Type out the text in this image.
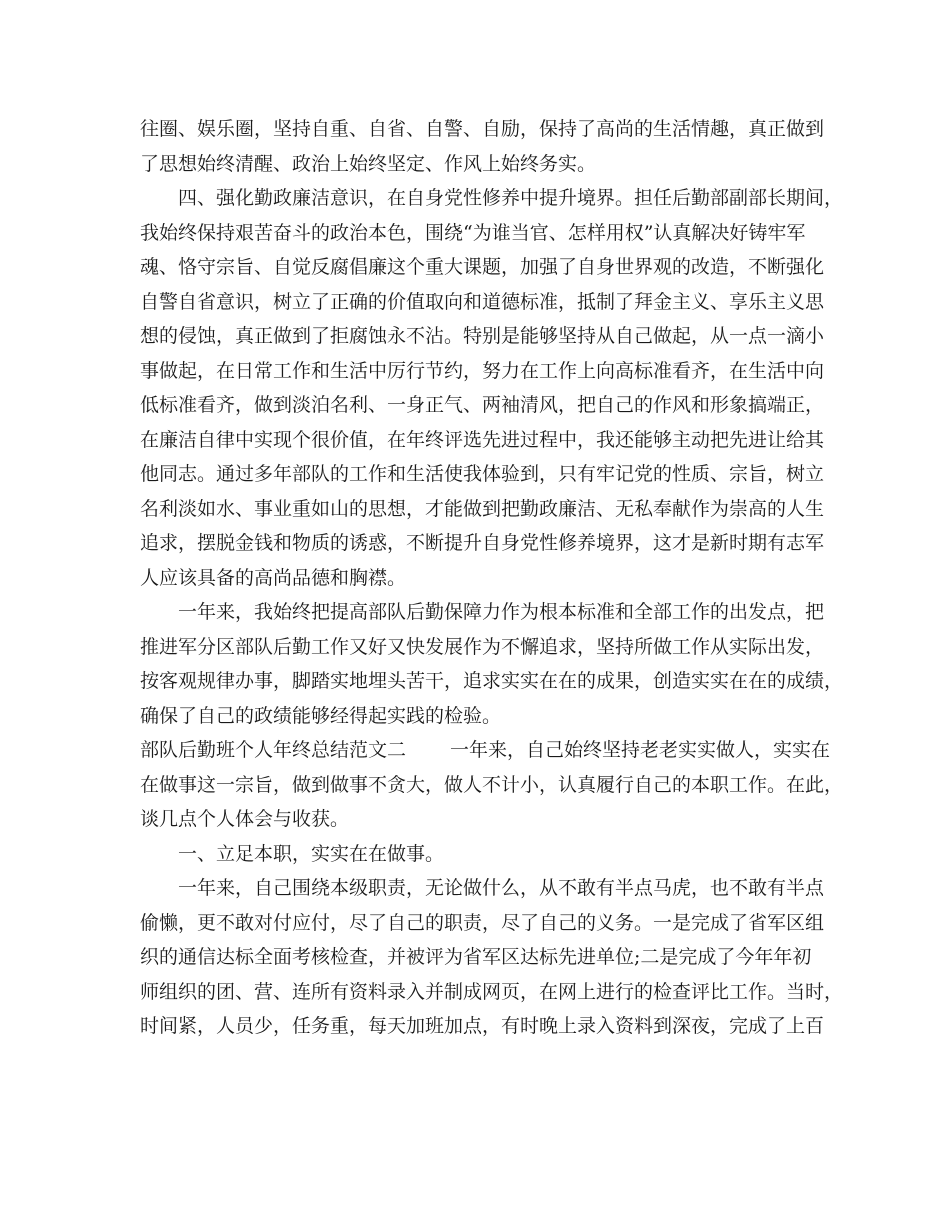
往圈、娱乐圈，坚持自重、自省、自警、自励，保持了高尚的生活情趣，真正做到
了思想始终清醒、政治上始终坚定、作风上始终务实。
四、强化勤政廉洁意识，在自身党性修养中提升境界。担任后勤部副部长期间，
我始终保持艰苦奋斗的政治本色，围绕“为谁当官、怎样用权”认真解决好铸牢军
魂、恪守宗旨、自觉反腐倡廉这个重大课题，加强了自身世界观的改造，不断强化
自警自省意识，树立了正确的价值取向和道德标准，抵制了拜金主义、享乐主义思
想的侵蚀，真正做到了拒腐蚀永不沾。特别是能够坚持从自己做起，从一点一滴小
事做起，在日常工作和生活中厉行节约，努力在工作上向高标准看齐，在生活中向
低标准看齐，做到淡泊名利、一身正气、两袖清风，把自己的作风和形象搞端正，
在廉洁自律中实现个很价值，在年终评选先进过程中，我还能够主动把先进让给其
他同志。通过多年部队的工作和生活使我体验到，只有牢记党的性质、宗旨，树立
名利淡如水、事业重如山的思想，才能做到把勤政廉洁、无私奉献作为崇高的人生
追求，摆脱金钱和物质的诱惑，不断提升自身党性修养境界，这才是新时期有志军
人应该具备的高尚品德和胸襟。
一年来，我始终把提高部队后勤保障力作为根本标准和全部工作的出发点，把
推进军分区部队后勤工作又好又快发展作为不懈追求，坚持所做工作从实际出发，
按客观规律办事，脚踏实地埋头苦干，追求实实在在的成果，创造实实在在的成绩，
确保了自己的政绩能够经得起实践的检验。
部队后勤班个人年终总结范文二 一年来，自己始终坚持老老实实做人，实实在
在做事这一宗旨，做到做事不贪大，做人不计小，认真履行自己的本职工作。在此，
谈几点个人体会与收获。
一、立足本职，实实在在做事。
一年来，自己围绕本级职责，无论做什么，从不敢有半点马虎，也不敢有半点
偷懒，更不敢对付应付，尽了自己的职责，尽了自己的义务。一是完成了省军区组
织的通信达标全面考核检查，并被评为省军区达标先进单位;二是完成了今年年初
师组织的团、营、连所有资料录入并制成网页，在网上进行的检查评比工作。当时，
时间紧，人员少，任务重，每天加班加点，有时晚上录入资料到深夜，完成了上百
